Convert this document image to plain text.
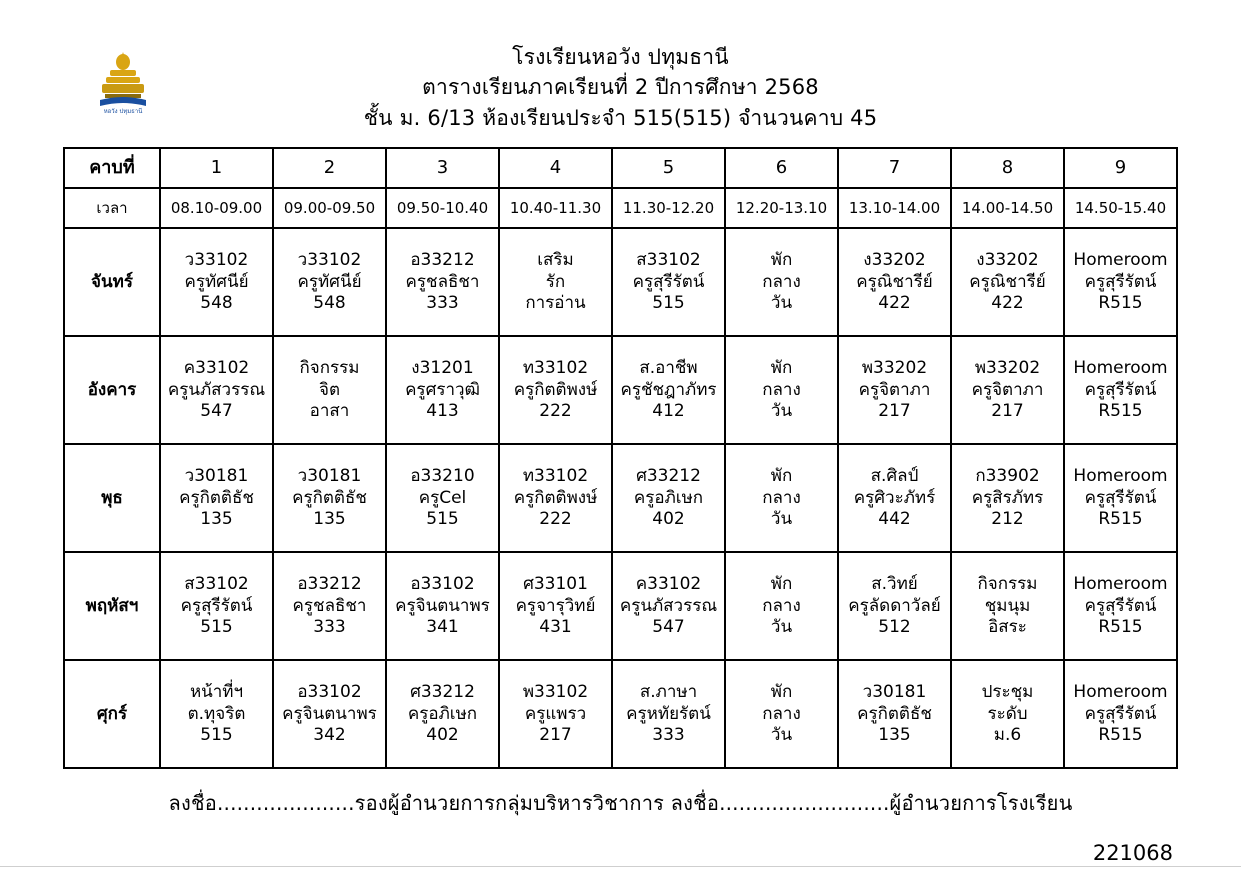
หอวัง ปทุมธานี
โรงเรียนหอวัง ปทุมธานี
ตารางเรียนภาคเรียนที่ 2 ปีการศึกษา 2568
ชั้น ม. 6/13 ห้องเรียนประจำ 515(515) จำนวนคาบ 45
คาบที่	1	2	3	4	5	6	7	8	9
เวลา	08.10-09.00	09.00-09.50	09.50-10.40	10.40-11.30	11.30-12.20	12.20-13.10	13.10-14.00	14.00-14.50	14.50-15.40
จันทร์	ว33102
ครูทัศนีย์
548	ว33102
ครูทัศนีย์
548	อ33212
ครูชลธิชา
333	เสริม
รัก
การอ่าน	ส33102
ครูสุรีรัตน์
515	พัก
กลาง
วัน	ง33202
ครูณิชารีย์
422	ง33202
ครูณิชารีย์
422	Homeroom
ครูสุรีรัตน์
R515

อังคาร	ค33102
ครูนภัสวรรณ
547	กิจกรรม
จิต
อาสา	ง31201
ครูศราวุฒิ
413	ท33102
ครูกิตติพงษ์
222	ส.อาชีพ
ครูชัชฎาภัทร
412	พัก
กลาง
วัน	พ33202
ครูจิตาภา
217	พ33202
ครูจิตาภา
217	Homeroom
ครูสุรีรัตน์
R515

พุธ	ว30181
ครูกิตติธัช
135	ว30181
ครูกิตติธัช
135	อ33210
ครูCel
515	ท33102
ครูกิตติพงษ์
222	ศ33212
ครูอภิเษก
402	พัก
กลาง
วัน	ส.ศิลป์
ครูศิวะภัทร์
442	ก33902
ครูสิรภัทร
212	Homeroom
ครูสุรีรัตน์
R515

พฤหัสฯ	ส33102
ครูสุรีรัตน์
515	อ33212
ครูชลธิชา
333	อ33102
ครูจินตนาพร
341	ศ33101
ครูจารุวิทย์
431	ค33102
ครูนภัสวรรณ
547	พัก
กลาง
วัน	ส.วิทย์
ครูลัดดาวัลย์
512	กิจกรรม
ชุมนุม
อิสระ	Homeroom
ครูสุรีรัตน์
R515

ศุกร์	หน้าที่ฯ
ต.ทุจริต
515	อ33102
ครูจินตนาพร
342	ศ33212
ครูอภิเษก
402	พ33102
ครูแพรว
217	ส.ภาษา
ครูหทัยรัตน์
333	พัก
กลาง
วัน	ว30181
ครูกิตติธัช
135	ประชุม
ระดับ
ม.6	Homeroom
ครูสุรีรัตน์
R515
ลงชื่อ.....................รองผู้อำนวยการกลุ่มบริหารวิชาการ ลงชื่อ..........................ผู้อำนวยการโรงเรียน
221068
